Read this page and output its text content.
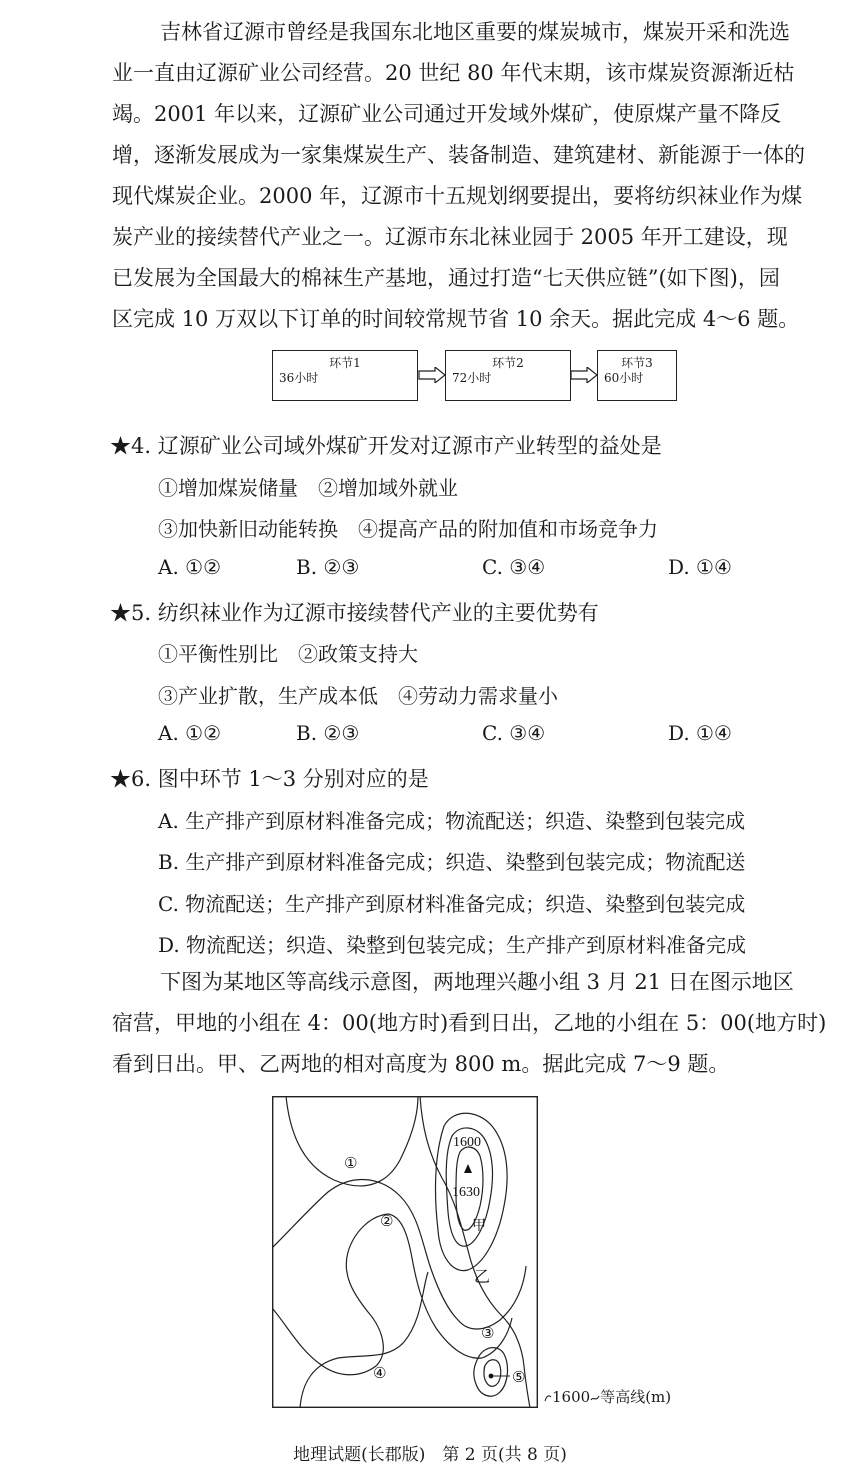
吉林省辽源市曾经是我国东北地区重要的煤炭城市，煤炭开采和洗选
业一直由辽源矿业公司经营。20 世纪 80 年代末期，该市煤炭资源渐近枯
竭。2001 年以来，辽源矿业公司通过开发域外煤矿，使原煤产量不降反
增，逐渐发展成为一家集煤炭生产、装备制造、建筑建材、新能源于一体的
现代煤炭企业。2000 年，辽源市十五规划纲要提出，要将纺织袜业作为煤
炭产业的接续替代产业之一。辽源市东北袜业园于 2005 年开工建设，现
已发展为全国最大的棉袜生产基地，通过打造“七天供应链”(如下图)，园
区完成 10 万双以下订单的时间较常规节省 10 余天。据此完成 4～6 题。
环节1
36小时
环节2
72小时
环节3
60小时
★4. 辽源矿业公司域外煤矿开发对辽源市产业转型的益处是
①增加煤炭储量　②增加域外就业
③加快新旧动能转换　④提高产品的附加值和市场竞争力
A. ①②	B. ②③	C. ③④	D. ①④
★5. 纺织袜业作为辽源市接续替代产业的主要优势有
①平衡性别比　②政策支持大
③产业扩散，生产成本低　④劳动力需求量小
A. ①②	B. ②③	C. ③④	D. ①④
★6. 图中环节 1～3 分别对应的是
A. 生产排产到原材料准备完成；物流配送；织造、染整到包装完成
B. 生产排产到原材料准备完成；织造、染整到包装完成；物流配送
C. 物流配送；生产排产到原材料准备完成；织造、染整到包装完成
D. 物流配送；织造、染整到包装完成；生产排产到原材料准备完成
下图为某地区等高线示意图，两地理兴趣小组 3 月 21 日在图示地区
宿营，甲地的小组在 4：00(地方时)看到日出，乙地的小组在 5：00(地方时)
看到日出。甲、乙两地的相对高度为 800 m。据此完成 7～9 题。
1600
1630
甲
乙
①
②
③
④	⑤
1600 等高线(m)
地理试题(长郡版)　第 2 页(共 8 页)
